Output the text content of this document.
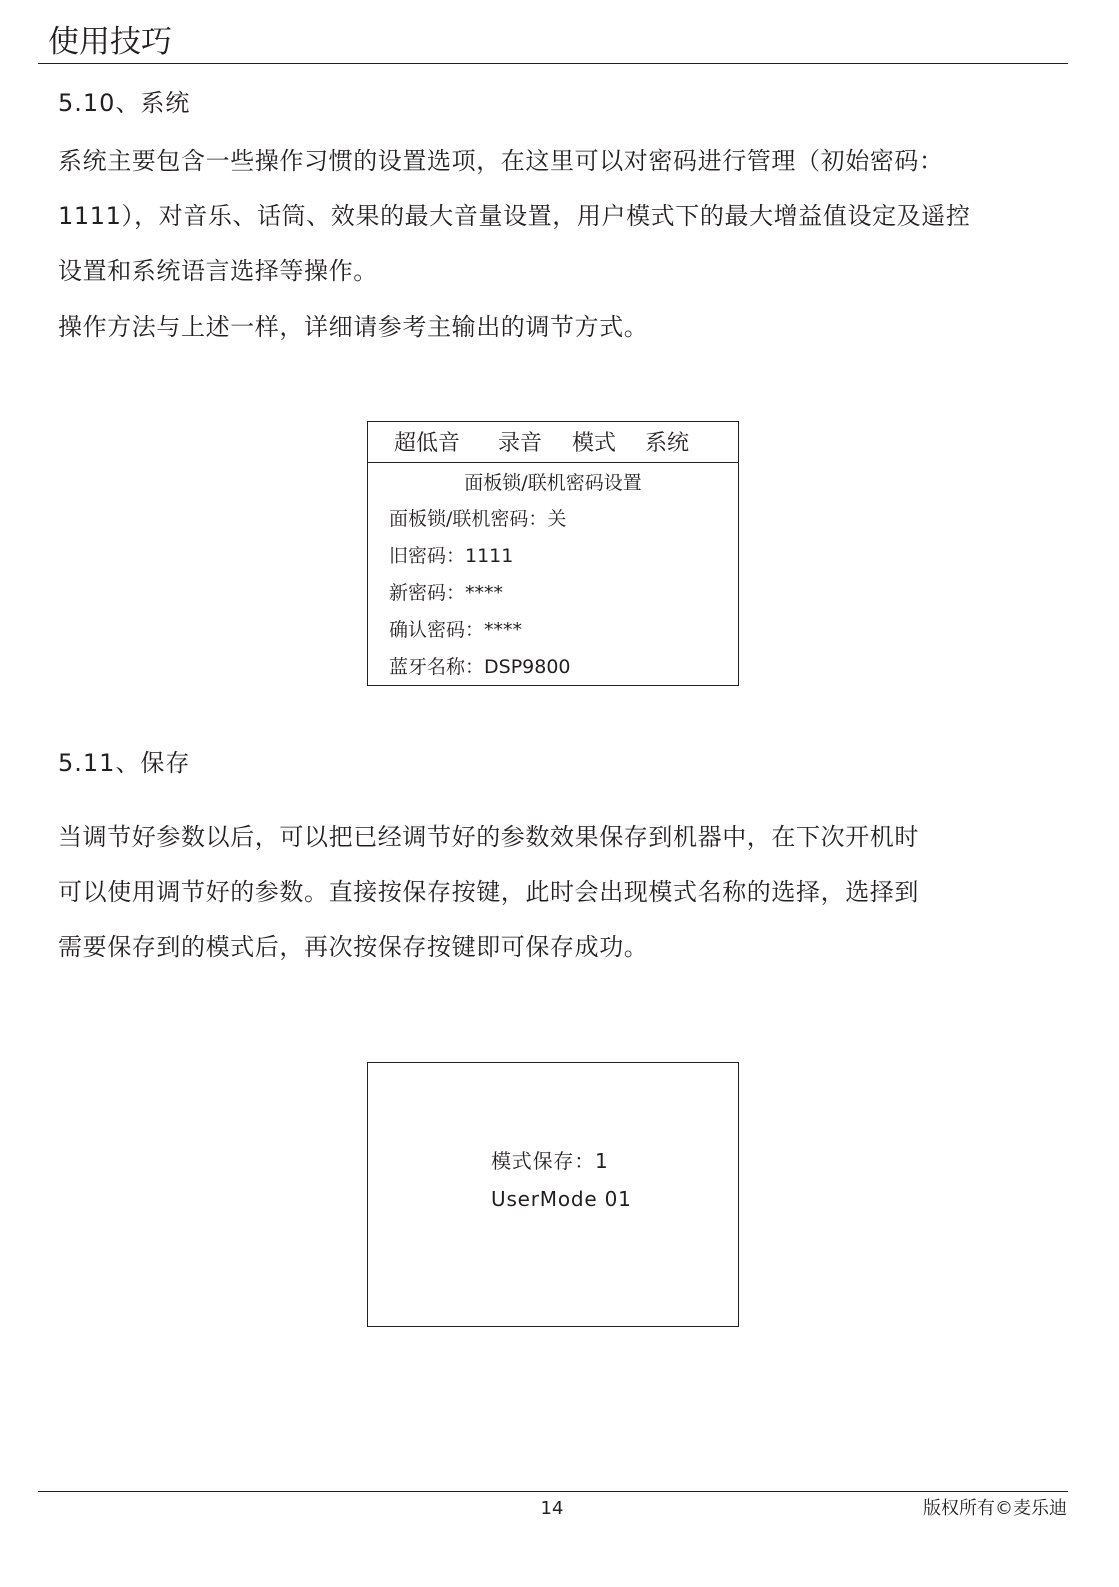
使用技巧
5.10、系统
系统主要包含一些操作习惯的设置选项，在这里可以对密码进行管理（初始密码：
1111），对音乐、话筒、效果的最大音量设置，用户模式下的最大增益值设定及遥控
设置和系统语言选择等操作。
操作方法与上述一样，详细请参考主输出的调节方式。
超低音 录音 模式 系统
面板锁/联机密码设置
面板锁/联机密码：关
旧密码：1111
新密码：****
确认密码：****
蓝牙名称：DSP9800
5.11、保存
当调节好参数以后，可以把已经调节好的参数效果保存到机器中，在下次开机时
可以使用调节好的参数。直接按保存按键，此时会出现模式名称的选择，选择到
需要保存到的模式后，再次按保存按键即可保存成功。
模式保存：1
UserMode 01
14	版权所有©麦乐迪
